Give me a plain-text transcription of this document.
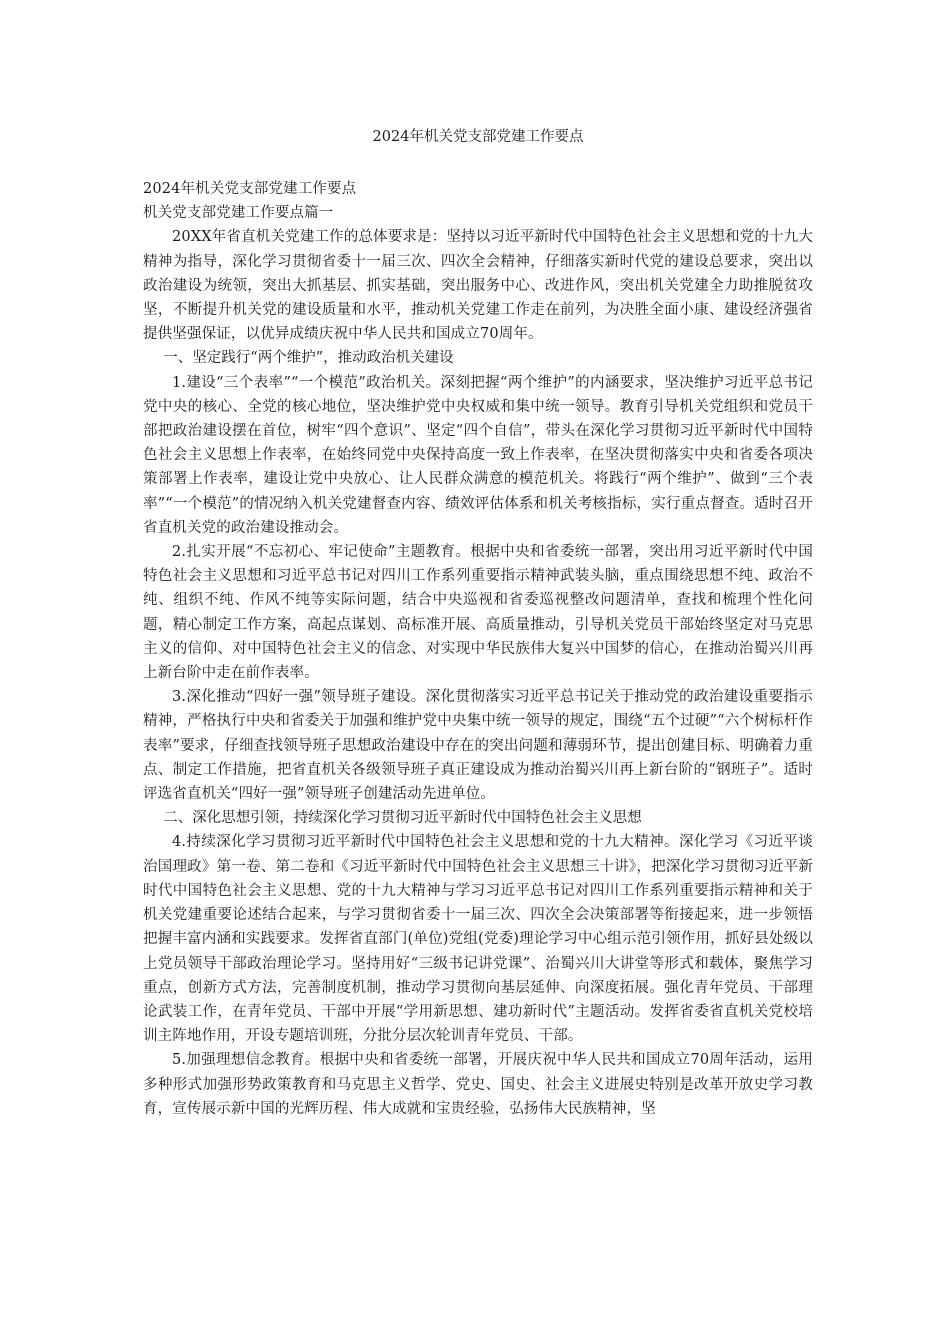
2024年机关党支部党建工作要点

2024年机关党支部党建工作要点

机关党支部党建工作要点篇一

20XX年省直机关党建工作的总体要求是：坚持以习近平新时代中国特色社会主义思想和党的十九大精神为指导，深化学习贯彻省委十一届三次、四次全会精神，仔细落实新时代党的建设总要求，突出以政治建设为统领，突出大抓基层、抓实基础，突出服务中心、改进作风，突出机关党建全力助推脱贫攻坚，不断提升机关党的建设质量和水平，推动机关党建工作走在前列，为决胜全面小康、建设经济强省提供坚强保证，以优异成绩庆祝中华人民共和国成立70周年。

一、坚定践行“两个维护”，推动政治机关建设

1.建设“三个表率”“一个模范”政治机关。深刻把握“两个维护”的内涵要求，坚决维护习近平总书记党中央的核心、全党的核心地位，坚决维护党中央权威和集中统一领导。教育引导机关党组织和党员干部把政治建设摆在首位，树牢“四个意识”、坚定“四个自信”，带头在深化学习贯彻习近平新时代中国特色社会主义思想上作表率，在始终同党中央保持高度一致上作表率，在坚决贯彻落实中央和省委各项决策部署上作表率，建设让党中央放心、让人民群众满意的模范机关。将践行“两个维护”、做到“三个表率”“一个模范”的情况纳入机关党建督查内容、绩效评估体系和机关考核指标，实行重点督查。适时召开省直机关党的政治建设推动会。

2.扎实开展“不忘初心、牢记使命”主题教育。根据中央和省委统一部署，突出用习近平新时代中国特色社会主义思想和习近平总书记对四川工作系列重要指示精神武装头脑，重点围绕思想不纯、政治不纯、组织不纯、作风不纯等实际问题，结合中央巡视和省委巡视整改问题清单，查找和梳理个性化问题，精心制定工作方案，高起点谋划、高标准开展、高质量推动，引导机关党员干部始终坚定对马克思主义的信仰、对中国特色社会主义的信念、对实现中华民族伟大复兴中国梦的信心，在推动治蜀兴川再上新台阶中走在前作表率。

3.深化推动“四好一强”领导班子建设。深化贯彻落实习近平总书记关于推动党的政治建设重要指示精神，严格执行中央和省委关于加强和维护党中央集中统一领导的规定，围绕“五个过硬”“六个树标杆作表率”要求，仔细查找领导班子思想政治建设中存在的突出问题和薄弱环节，提出创建目标、明确着力重点、制定工作措施，把省直机关各级领导班子真正建设成为推动治蜀兴川再上新台阶的“钢班子”。适时评选省直机关“四好一强”领导班子创建活动先进单位。

二、深化思想引领，持续深化学习贯彻习近平新时代中国特色社会主义思想

4.持续深化学习贯彻习近平新时代中国特色社会主义思想和党的十九大精神。深化学习《习近平谈治国理政》第一卷、第二卷和《习近平新时代中国特色社会主义思想三十讲》，把深化学习贯彻习近平新时代中国特色社会主义思想、党的十九大精神与学习习近平总书记对四川工作系列重要指示精神和关于机关党建重要论述结合起来，与学习贯彻省委十一届三次、四次全会决策部署等衔接起来，进一步领悟把握丰富内涵和实践要求。发挥省直部门(单位)党组(党委)理论学习中心组示范引领作用，抓好县处级以上党员领导干部政治理论学习。坚持用好“三级书记讲党课”、治蜀兴川大讲堂等形式和载体，聚焦学习重点，创新方式方法，完善制度机制，推动学习贯彻向基层延伸、向深度拓展。强化青年党员、干部理论武装工作，在青年党员、干部中开展“学用新思想、建功新时代”主题活动。发挥省委省直机关党校培训主阵地作用，开设专题培训班，分批分层次轮训青年党员、干部。

5.加强理想信念教育。根据中央和省委统一部署，开展庆祝中华人民共和国成立70周年活动，运用多种形式加强形势政策教育和马克思主义哲学、党史、国史、社会主义进展史特别是改革开放史学习教育，宣传展示新中国的光辉历程、伟大成就和宝贵经验，弘扬伟大民族精神，坚
